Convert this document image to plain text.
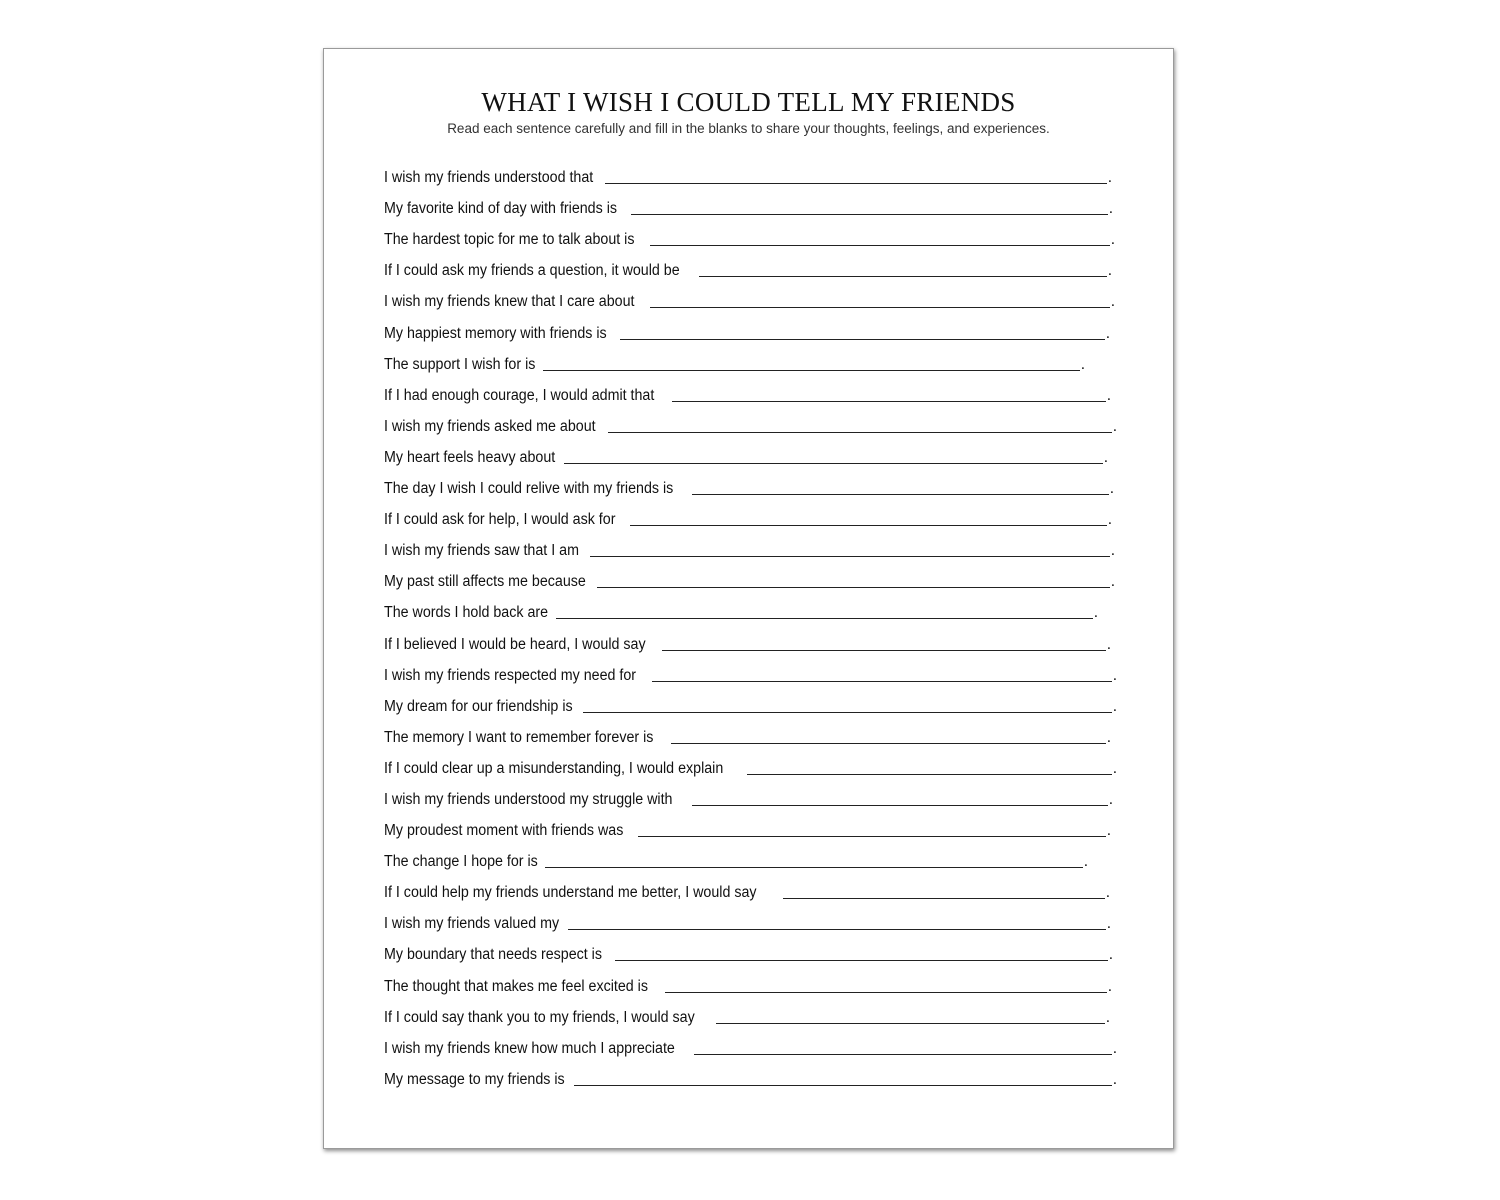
WHAT I WISH I COULD TELL MY FRIENDS

Read each sentence carefully and fill in the blanks to share your thoughts, feelings, and experiences.

I wish my friends understood that	.
My favorite kind of day with friends is	.
The hardest topic for me to talk about is	.
If I could ask my friends a question, it would be	.
I wish my friends knew that I care about	.
My happiest memory with friends is	.
The support I wish for is	.
If I had enough courage, I would admit that	.
I wish my friends asked me about	.
My heart feels heavy about	.
The day I wish I could relive with my friends is	.
If I could ask for help, I would ask for	.
I wish my friends saw that I am	.
My past still affects me because	.
The words I hold back are	.
If I believed I would be heard, I would say	.
I wish my friends respected my need for	.
My dream for our friendship is	.
The memory I want to remember forever is	.
If I could clear up a misunderstanding, I would explain	.
I wish my friends understood my struggle with	.
My proudest moment with friends was	.
The change I hope for is	.
If I could help my friends understand me better, I would say	.
I wish my friends valued my	.
My boundary that needs respect is	.
The thought that makes me feel excited is	.
If I could say thank you to my friends, I would say	.
I wish my friends knew how much I appreciate	.
My message to my friends is	.
